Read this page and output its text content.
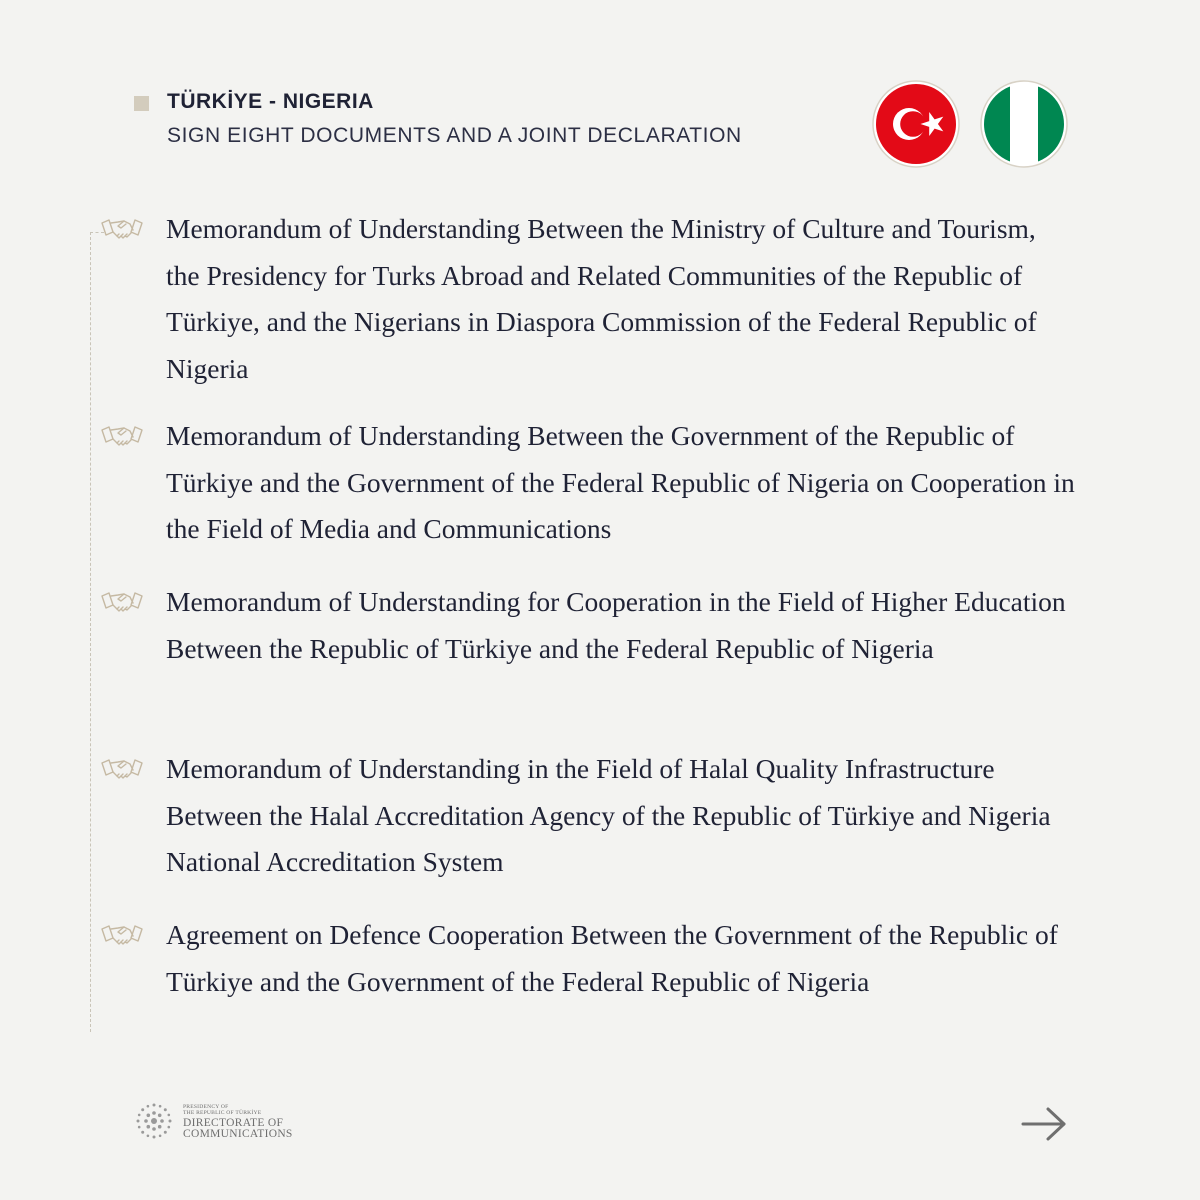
TÜRKİYE - NIGERIA
SIGN EIGHT DOCUMENTS AND A JOINT DECLARATION
Memorandum of Understanding Between the Ministry of Culture and Tourism, the Presidency for Turks Abroad and Related Communities of the Republic of Türkiye, and the Nigerians in Diaspora Commission of the Federal Republic of Nigeria
Memorandum of Understanding Between the Government of the Republic of Türkiye and the Government of the Federal Republic of Nigeria on Cooperation in the Field of Media and Communications
Memorandum of Understanding for Cooperation in the Field of Higher Education Between the Republic of Türkiye and the Federal Republic of Nigeria
Memorandum of Understanding in the Field of Halal Quality Infrastructure Between the Halal Accreditation Agency of the Republic of Türkiye and Nigeria National Accreditation System
Agreement on Defence Cooperation Between the Government of the Republic of Türkiye and the Government of the Federal Republic of Nigeria
PRESIDENCY OF
THE REPUBLIC OF TÜRKİYE
DIRECTORATE OF
COMMUNICATIONS
